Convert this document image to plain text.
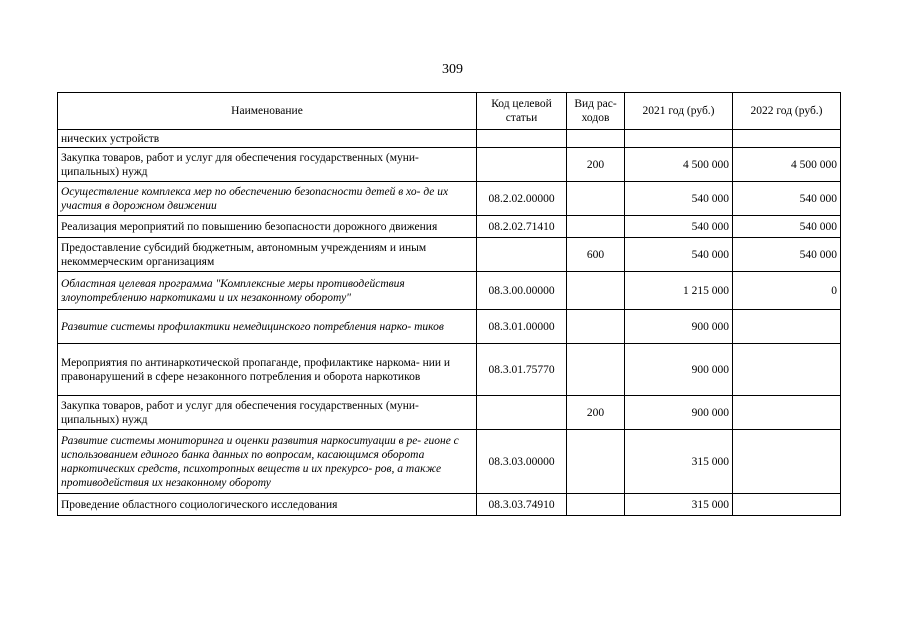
309
Наименование	Код целевой статьи	Вид рас- ходов	2021 год (руб.)	2022 год (руб.)
нических устройств				
Закупка товаров, работ и услуг для обеспечения государственных (муни- ципальных) нужд		200	4 500 000	4 500 000
Осуществление комплекса мер по обеспечению безопасности детей в хо- де их участия в дорожном движении	08.2.02.00000		540 000	540 000
Реализация мероприятий по повышению безопасности дорожного движения	08.2.02.71410		540 000	540 000
Предоставление субсидий бюджетным, автономным учреждениям и иным некоммерческим организациям		600	540 000	540 000
Областная целевая программа "Комплексные меры противодействия злоупотреблению наркотиками и их незаконному обороту"	08.3.00.00000		1 215 000	0
Развитие системы профилактики немедицинского потребления нарко- тиков	08.3.01.00000		900 000	
Мероприятия по антинаркотической пропаганде, профилактике наркома- нии и правонарушений в сфере незаконного потребления и оборота наркотиков	08.3.01.75770		900 000	
Закупка товаров, работ и услуг для обеспечения государственных (муни- ципальных) нужд		200	900 000	
Развитие системы мониторинга и оценки развития наркоситуации в ре- гионе с использованием единого банка данных по вопросам, касающимся оборота наркотических средств, психотропных веществ и их прекурсо- ров, а также противодействия их незаконному обороту	08.3.03.00000		315 000	
Проведение областного социологического исследования	08.3.03.74910		315 000	
